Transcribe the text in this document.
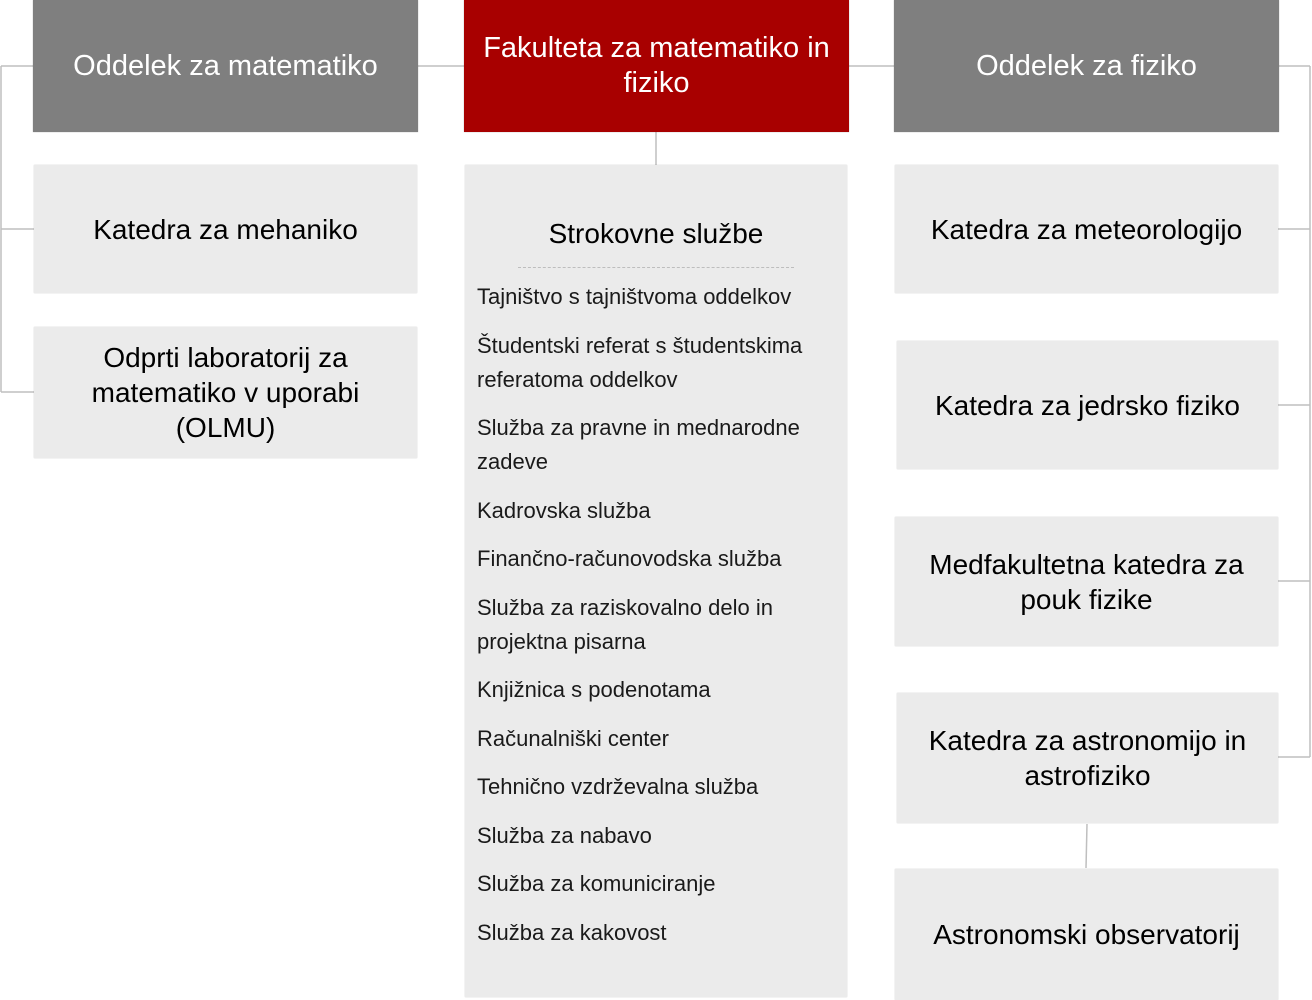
Oddelek za matematiko
Fakulteta za matematiko in fiziko
Oddelek za fiziko
Katedra za mehaniko
Odprti laboratorij za matematiko v uporabi (OLMU)
Strokovne službe
Tajništvo s tajništvoma oddelkov
Študentski referat s študentskima referatoma oddelkov
Služba za pravne in mednarodne zadeve
Kadrovska služba
Finančno-računovodska služba
Služba za raziskovalno delo in projektna pisarna
Knjižnica s podenotama
Računalniški center
Tehnično vzdrževalna služba
Služba za nabavo
Služba za komuniciranje
Služba za kakovost
Katedra za meteorologijo
Katedra za jedrsko fiziko
Medfakultetna katedra za pouk fizike
Katedra za astronomijo in astrofiziko
Astronomski observatorij
